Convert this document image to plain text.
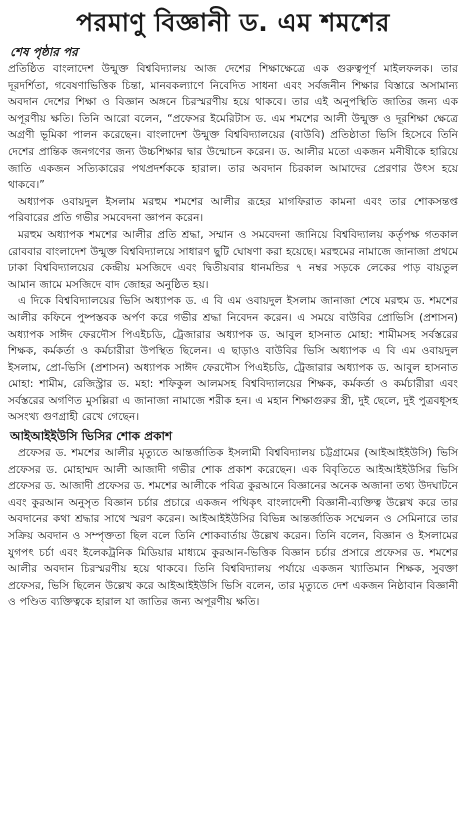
পরমাণু বিজ্ঞানী ড. এম শমশের
শেষ পৃষ্ঠার পর

প্রতিষ্ঠিত বাংলাদেশ উন্মুক্ত বিশ্ববিদ্যালয় আজ দেশের শিক্ষাক্ষেত্রে এক গুরুত্বপূর্ণ মাইলফলক। তার দূরদর্শিতা, গবেষণাভিত্তিক চিন্তা, মানবকল্যাণে নিবেদিত সাধনা এবং সর্বজনীন শিক্ষার বিস্তারে অসামান্য অবদান দেশের শিক্ষা ও বিজ্ঞান অঙ্গনে চিরস্মরণীয় হয়ে থাকবে। তার এই অনুপস্থিতি জাতির জন্য এক অপূরণীয় ক্ষতি। তিনি আরো বলেন, “প্রফেসর ইমেরিটাস ড. এম শমশের আলী উন্মুক্ত ও দূরশিক্ষা ক্ষেত্রে অগ্রণী ভূমিকা পালন করেছেন। বাংলাদেশ উন্মুক্ত বিশ্ববিদ্যালয়ের (বাউবি) প্রতিষ্ঠাতা ভিসি হিসেবে তিনি দেশের প্রান্তিক জনগণের জন্য উচ্চশিক্ষার দ্বার উন্মোচন করেন। ড. আলীর মতো একজন মনীষীকে হারিয়ে জাতি একজন সত্যিকারের পথপ্রদর্শককে হারাল। তার অবদান চিরকাল আমাদের প্রেরণার উৎস হয়ে থাকবে।”

অধ্যাপক ওবায়দুল ইসলাম মরহুম শমশের আলীর রূহের মাগফিরাত কামনা এবং তার শোকসন্তপ্ত পরিবারের প্রতি গভীর সমবেদনা জ্ঞাপন করেন।

মরহুম অধ্যাপক শমশের আলীর প্রতি শ্রদ্ধা, সম্মান ও সমবেদনা জানিয়ে বিশ্ববিদ্যালয় কর্তৃপক্ষ গতকাল রোববার বাংলাদেশ উন্মুক্ত বিশ্ববিদ্যালয়ে সাধারণ ছুটি ঘোষণা করা হয়েছে। মরহুমের নামাজে জানাজা প্রথমে ঢাকা বিশ্ববিদ্যালয়ের কেন্দ্রীয় মসজিদে এবং দ্বিতীয়বার ধানমন্ডির ৭ নম্বর সড়কে লেকের পাড় বায়তুল আমান জামে মসজিদে বাদ জোহর অনুষ্ঠিত হয়।

এ দিকে বিশ্ববিদ্যালয়ের ভিসি অধ্যাপক ড. এ বি এম ওবায়দুল ইসলাম জানাজা শেষে মরহুম ড. শমশের আলীর কফিনে পুষ্পস্তবক অর্পণ করে গভীর শ্রদ্ধা নিবেদন করেন। এ সময়ে বাউবির প্রোভিসি (প্রশাসন) অধ্যাপক সাঈদ ফেরদৌস পিএইচডি, ট্রেজারার অধ্যাপক ড. আবুল হাসনাত মোহা: শামীমসহ সর্বস্তরের শিক্ষক, কর্মকর্তা ও কর্মচারীরা উপস্থিত ছিলেন। এ ছাড়াও বাউবির ভিসি অধ্যাপক এ বি এম ওবায়দুল ইসলাম, প্রো-ভিসি (প্রশাসন) অধ্যাপক সাঈদ ফেরদৌস পিএইচডি, ট্রেজারার অধ্যাপক ড. আবুল হাসনাত মোহা: শামীম, রেজিস্ট্রার ড. মহা: শফিকুল আলমসহ বিশ্ববিদ্যালয়ের শিক্ষক, কর্মকর্তা ও কর্মচারীরা এবং সর্বস্তরের অগণিত মুসল্লিরা এ জানাজা নামাজে শরীক হন। এ মহান শিক্ষাগুরুর স্ত্রী, দুই ছেলে, দুই পুত্রবধূসহ অসংখ্য গুণগ্রাহী রেখে গেছেন।

আইআইইউসি ভিসির শোক প্রকাশ

প্রফেসর ড. শমশের আলীর মৃত্যুতে আন্তর্জাতিক ইসলামী বিশ্ববিদ্যালয় চট্টগ্রামের (আইআইইউসি) ভিসি প্রফেসর ড. মোহাম্মদ আলী আজাদী গভীর শোক প্রকাশ করেছেন। এক বিবৃতিতে আইআইইউসির ভিসি প্রফেসর ড. আজাদী প্রফেসর ড. শমশের আলীকে পবিত্র কুরআনে বিজ্ঞানের অনেক অজানা তথ্য উদঘাটনে এবং কুরআন অনুসৃত বিজ্ঞান চর্চার প্রচারে একজন পথিকৃৎ বাংলাদেশী বিজ্ঞানী-ব্যক্তিত্ব উল্লেখ করে তার অবদানের কথা শ্রদ্ধার সাথে স্মরণ করেন। আইআইইউসির বিভিন্ন আন্তর্জাতিক সম্মেলন ও সেমিনারে তার সক্রিয় অবদান ও সম্পৃক্ততা ছিল বলে তিনি শোকবার্তায় উল্লেখ করেন। তিনি বলেন, বিজ্ঞান ও ইসলামের যুগপৎ চর্চা এবং ইলেকট্রনিক মিডিয়ার মাধ্যমে কুরআন-ভিত্তিক বিজ্ঞান চর্চার প্রসারে প্রফেসর ড. শমশের আলীর অবদান চিরস্মরণীয় হয়ে থাকবে। তিনি বিশ্ববিদ্যালয় পর্যায়ে একজন খ্যাতিমান শিক্ষক, সুবক্তা প্রফেসর, ভিসি ছিলেন উল্লেখ করে আইআইইউসি ভিসি বলেন, তার মৃত্যুতে দেশ একজন নিষ্ঠাবান বিজ্ঞানী ও পণ্ডিত ব্যক্তিত্বকে হারাল যা জাতির জন্য অপূরণীয় ক্ষতি।
